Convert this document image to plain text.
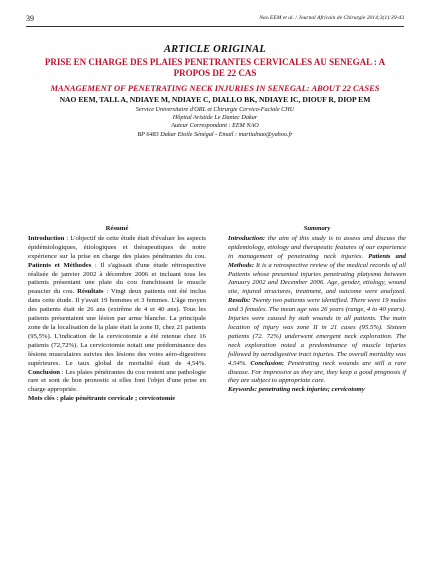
39	Nao EEM et al. / Journal Africain de Chirurgie 2014;3(1):39-43
ARTICLE ORIGINAL
PRISE EN CHARGE DES PLAIES PENETRANTES CERVICALES AU SENEGAL : A PROPOS DE 22 CAS
MANAGEMENT OF PENETRATING NECK INJURIES IN SENEGAL: ABOUT 22 CASES
NAO EEM, TALL A, NDIAYE M, NDIAYE C, DIALLO BK, NDIAYE IC, DIOUF R, DIOP EM
Service Universitaire d'ORL et Chirurgie Cervico-Faciale CHU
Hôpital Aristide Le Dantec Dakar
Auteur Correspondant : EEM NAO
BP 6483 Dakar Etoile Sénégal - Email : martialnao@yahoo.fr
Résumé

Introduction : L'objectif de cette étude était d'évaluer les aspects épidémiologiques, étiologiques et thérapeutiques de notre expérience sur la prise en charge des plaies pénétrantes du cou. Patients et Méthodes : Il s'agissait d'une étude rétrospective réalisée de janvier 2002 à décembre 2006 et incluant tous les patients présentant une plaie du cou franchissant le muscle peaucier du cou. Résultats : Vingt deux patients ont été inclus dans cette étude. Il y'avait 19 hommes et 3 femmes. L'âge moyen des patients était de 26 ans (extrême de 4 et 40 ans). Tous les patients présentaient une lésion par arme blanche. La principale zone de la localisation de la plaie était la zone II, chez 21 patients (95,5%). L'indication de la cervicotomie a été retenue chez 16 patients (72,72%). La cervicotomie notait une prédominance des lésions musculaires suivies des lésions des voies aéro-digestives supérieures. Le taux global de mortalité était de 4,54%. Conclusion : Les plaies pénétrantes du cou restent une pathologie rare et sont de bon pronostic si elles font l'objet d'une prise en charge appropriée.

Mots clés : plaie pénétrante cervicale ; cervicotomie

Summary

Introduction: the aim of this study is to assess and discuss the epidemiology, etiology and therapeutic features of our experience in management of penetrating neck injuries. Patients and Methods: It is a retrospective review of the medical records of all Patients whose presented injuries penetrating platysma between January 2002 and December 2006. Age, gender, etiology, wound site, injured structures, treatment, and outcome were analyzed. Results: Twenty two patients were identified. There were 19 males and 3 females. The mean age was 26 years (range, 4 to 40 years). Injuries were caused by stab wounds in all patients. The main location of injury was zone II in 21 cases (95.5%). Sixteen patients (72. 72%) underwent emergent neck exploration. The neck exploration noted a predominance of muscle injuries followed by aerodigestive tract injuries. The overall mortality was 4.54%. Conclusion: Penetrating neck wounds are still a rare disease. For impressive as they are, they keep a good prognosis if they are subject to appropriate care.

Keywords: penetrating neck injuries; cervicotomy
